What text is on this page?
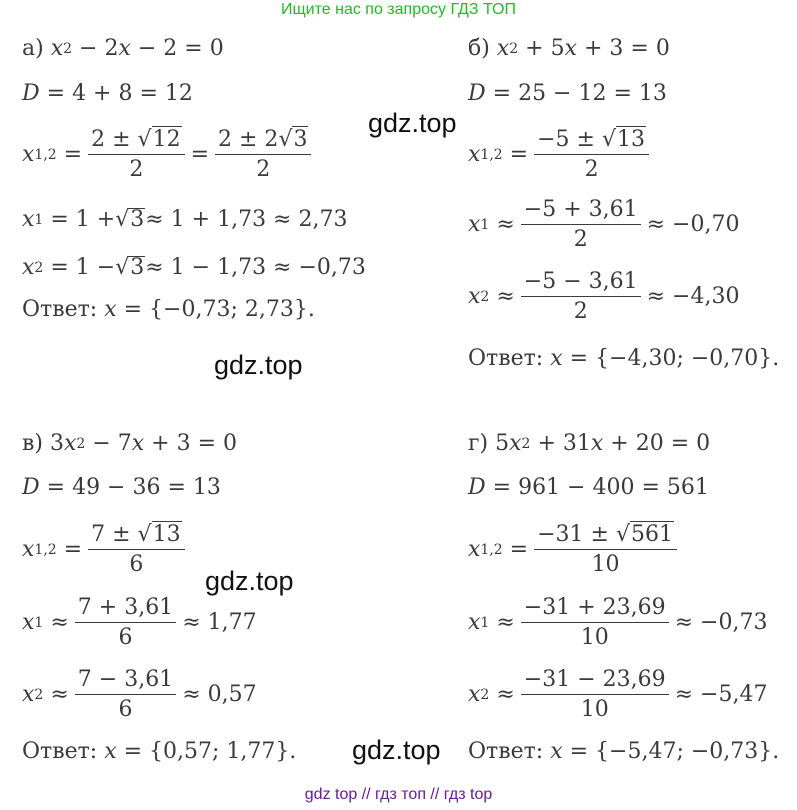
Ищите нас по запросу ГДЗ ТОП
а)
x 2 − 2 x − 2 = 0
D
= 4 + 8 = 12
x $1,2 = \frac{2 \pm √12}{2} = \frac{2 \pm 2√3}{2}$
x 1
= 1 + √ 3 ≈ 1 + 1,73 ≈ 2,73
x 2
= 1 − √ 3 ≈ 1 − 1,73 ≈ −0,73
Ответ:
x
= {−0,73; 2,73}.
б)
x 2 + 5 x + 3 = 0
D
= 25 − 12 = 13
x $1,2 = \frac{-5 \pm √13}{2}$
x $1 \approx \frac{-5 + 3,61}{2} \approx -0,70$
x $2 \approx \frac{-5 - 3,61}{2} \approx -4,30$
Ответ:
x
= {−4,30; −0,70}.
в) 3 x 2 − 7 x + 3 = 0
D
= 49 − 36 = 13
x $1,2 = \frac{7 \pm √13}{6}$
x $1 \approx \frac{7 + 3,61}{6} \approx 1,77$
x $2 \approx \frac{7 - 3,61}{6} \approx 0,57$
Ответ:
x
= {0,57; 1,77}.
г) 5 x 2 + 31 x + 20 = 0
D
= 961 − 400 = 561
x $1,2 = \frac{-31 \pm √561}{10}$
x $1 \approx \frac{-31 + 23,69}{10} \approx -0,73$
x $2 \approx \frac{-31 - 23,69}{10} \approx -5,47$
Ответ:
x
= {−5,47; −0,73}.
gdz.top
gdz.top
gdz.top
gdz.top
gdz top // гдз топ // гдз top
